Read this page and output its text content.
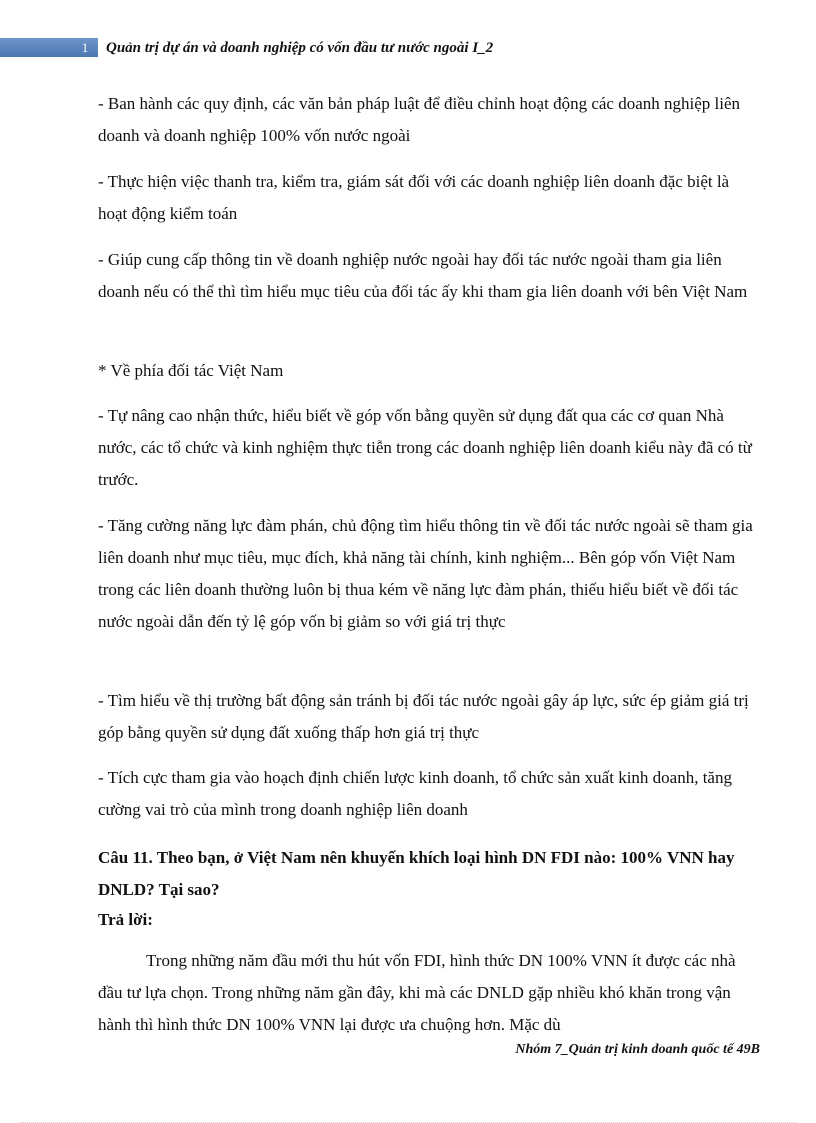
1 Quản trị dự án và doanh nghiệp có vốn đầu tư nước ngoài I_2

- Ban hành các quy định, các văn bản pháp luật để điều chỉnh hoạt động các doanh nghiệp liên doanh và doanh nghiệp 100% vốn nước ngoài

- Thực hiện việc thanh tra, kiểm tra, giám sát đối với các doanh nghiệp liên doanh đặc biệt là hoạt động kiểm toán

- Giúp cung cấp thông tin về doanh nghiệp nước ngoài hay đối tác nước ngoài tham gia liên doanh nếu có thể thì tìm hiểu mục tiêu của đối tác ấy khi tham gia liên doanh với bên Việt Nam

* Về phía đối tác Việt Nam

- Tự nâng cao nhận thức, hiểu biết về góp vốn bằng quyền sử dụng đất qua các cơ quan Nhà nước, các tổ chức và kinh nghiệm thực tiễn trong các doanh nghiệp liên doanh kiểu này đã có từ trước.

- Tăng cường năng lực đàm phán, chủ động tìm hiểu thông tin về đối tác nước ngoài sẽ tham gia liên doanh như mục tiêu, mục đích, khả năng tài chính, kinh nghiệm... Bên góp vốn Việt Nam trong các liên doanh thường luôn bị thua kém về năng lực đàm phán, thiếu hiểu biết về đối tác nước ngoài dẫn đến tỷ lệ góp vốn bị giảm so với giá trị thực

- Tìm hiểu về thị trường bất động sản tránh bị đối tác nước ngoài gây áp lực, sức ép giảm giá trị góp bằng quyền sử dụng đất xuống thấp hơn giá trị thực

- Tích cực tham gia vào hoạch định chiến lược kinh doanh, tổ chức sản xuất kinh doanh, tăng cường vai trò của mình trong doanh nghiệp liên doanh

Câu 11. Theo bạn, ở Việt Nam nên khuyến khích loại hình DN FDI nào: 100% VNN hay DNLD? Tại sao?

Trả lời:

Trong những năm đầu mới thu hút vốn FDI, hình thức DN 100% VNN ít được các nhà đầu tư lựa chọn. Trong những năm gần đây, khi mà các DNLD gặp nhiều khó khăn trong vận hành thì hình thức DN 100% VNN lại được ưa chuộng hơn. Mặc dù

Nhóm 7_Quản trị kinh doanh quốc tế 49B
